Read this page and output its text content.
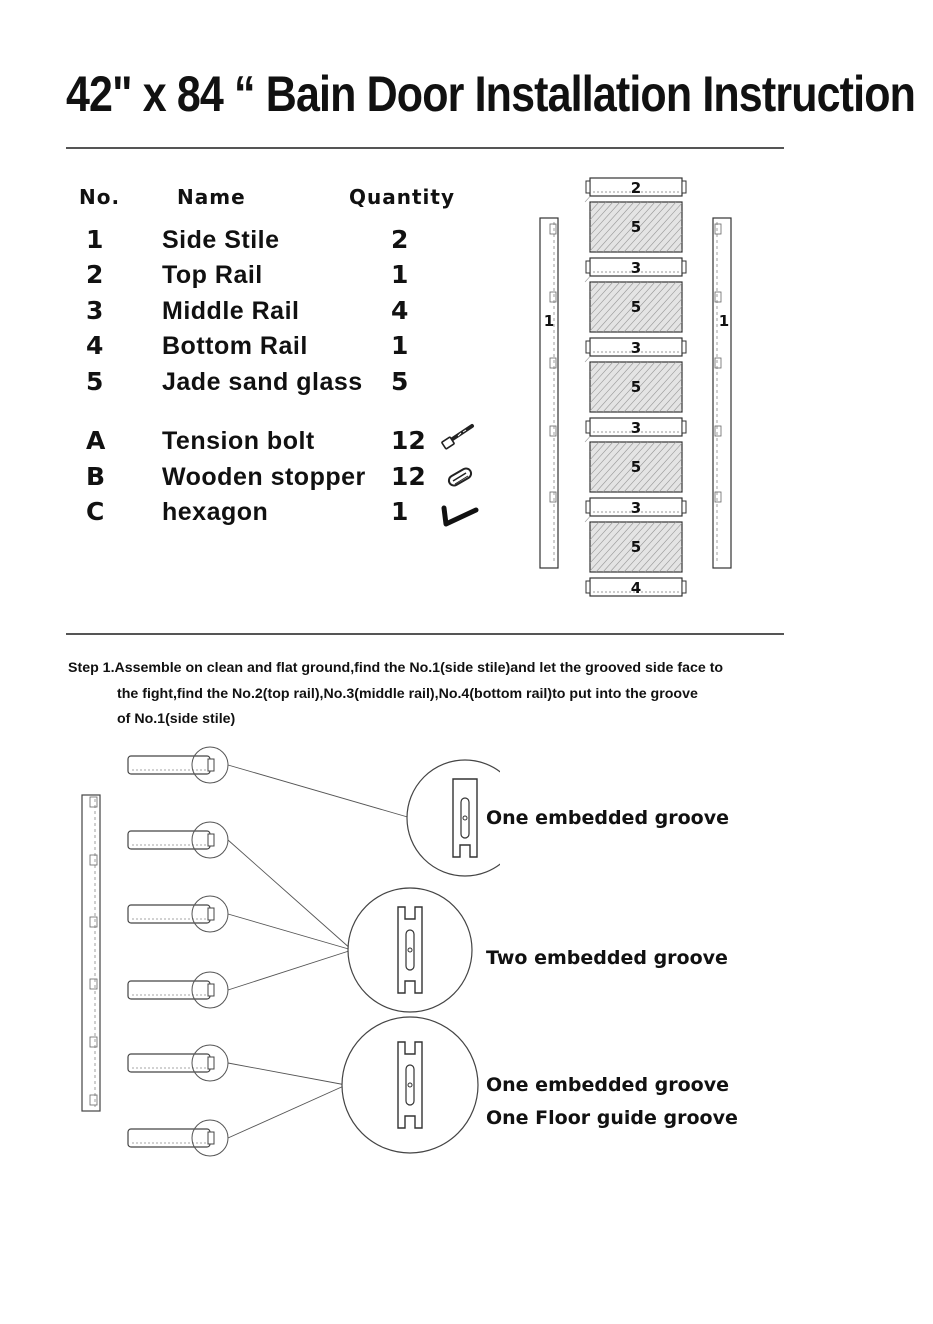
42" x 84 “ Bain Door Installation Instruction
No.	Name	Quantity
1 Side Stile	2
2 Top Rail	1
3 Middle Rail	4
4 Bottom Rail	1
5 Jade sand glass 5
A Tension bolt	12
B Wooden stopper 12
C hexagon	1
2
5
3
5
3
5
3
5
3
5
4
1	1
Step 1.Assemble on clean and flat ground,find the No.1(side stile)and let the grooved side face to
the fight,find the No.2(top rail),No.3(middle rail),No.4(bottom rail)to put into the groove
of No.1(side stile)
One embedded groove
Two embedded groove
One embedded groove
One Floor guide groove
